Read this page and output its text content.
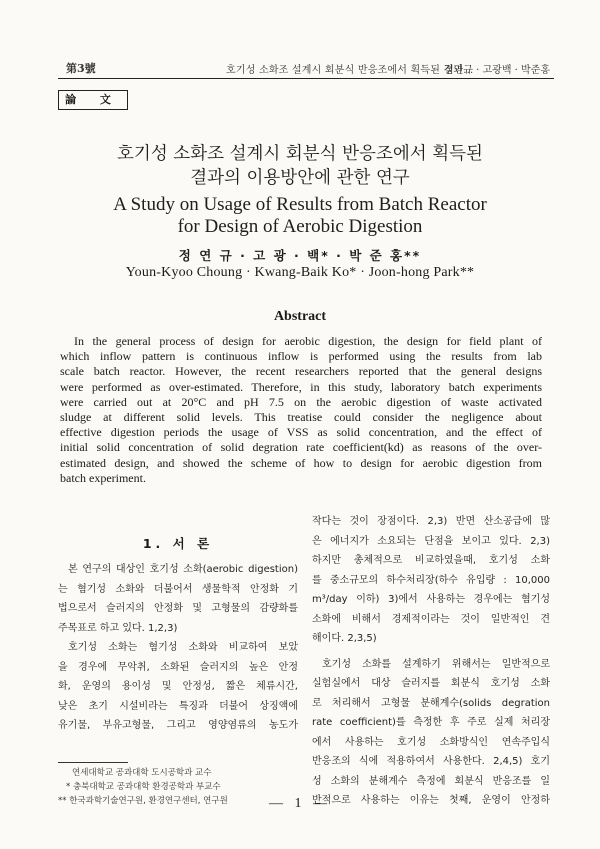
第3號	호기성 소화조 설계시 회분식 반응조에서 획득된 결과…
정연규 · 고광백 · 박준홍
論 文
호기성 소화조 설계시 회분식 반응조에서 획득된
결과의 이용방안에 관한 연구
A Study on Usage of Results from Batch Reactor
for Design of Aerobic Digestion
정 연 규 · 고 광 · 백* · 박 준 홍**
Youn-Kyoo Choung · Kwang-Baik Ko* · Joon-hong Park**
Abstract
In the general process of design for aerobic digestion, the design for field plant of
which inflow pattern is continuous inflow is performed using the results from lab
scale batch reactor. However, the recent researchers reported that the general designs
were performed as over-estimated. Therefore, in this study, laboratory batch experiments
were carried out at 20°C and pH 7.5 on the aerobic digestion of waste activated
sludge at different solid levels. This treatise could consider the negligence about
effective digestion periods the usage of VSS as solid concentration, and the effect of
initial solid concentration of solid degration rate coefficient(kd) as reasons of the over-
estimated design, and showed the scheme of how to design for aerobic digestion from
batch experiment.
1. 서 론
본 연구의 대상인 호기성 소화(aerobic digestion)
는 혐기성 소화와 더불어서 생물학적 안정화 기
법으로서 슬러지의 안정화 및 고형물의 감량화를
주목표로 하고 있다. 1,2,3)
호기성 소화는 혐기성 소화와 비교하여 보았
을 경우에 무악취, 소화된 슬러지의 높은 안정
화, 운영의 용이성 및 안정성, 짧은 체류시간,
낮은 초기 시설비라는 특징과 더불어 상징액에
유기물, 부유고형물, 그리고 영양염류의 농도가
작다는 것이 장점이다. 2,3) 반면 산소공급에 많
은 에너지가 소요되는 단점을 보이고 있다. 2,3)
하지만 총체적으로 비교하였을때, 호기성 소화
를 중소규모의 하수처리장(하수 유입량 : 10,000
m³/day 이하) 3)에서 사용하는 경우에는 혐기성
소화에 비해서 경제적이라는 것이 일반적인 견
해이다. 2,3,5)
호기성 소화를 설계하기 위해서는 일반적으로
실험실에서 대상 슬러지를 회분식 호기성 소화
로 처리해서 고형물 분해계수(solids degration
rate coefficient)를 측정한 후 주로 실제 처리장
에서 사용하는 호기성 소화방식인 연속주입식
반응조의 식에 적용하여서 사용한다. 2,4,5) 호기
성 소화의 분해계수 측정에 회분식 반응조를 일
반적으로 사용하는 이유는 첫째, 운영이 안정하
연세대학교 공과대학 도시공학과 교수
* 충북대학교 공과대학 환경공학과 부교수
** 한국과학기술연구원, 환경연구센터, 연구원	— 1 —
